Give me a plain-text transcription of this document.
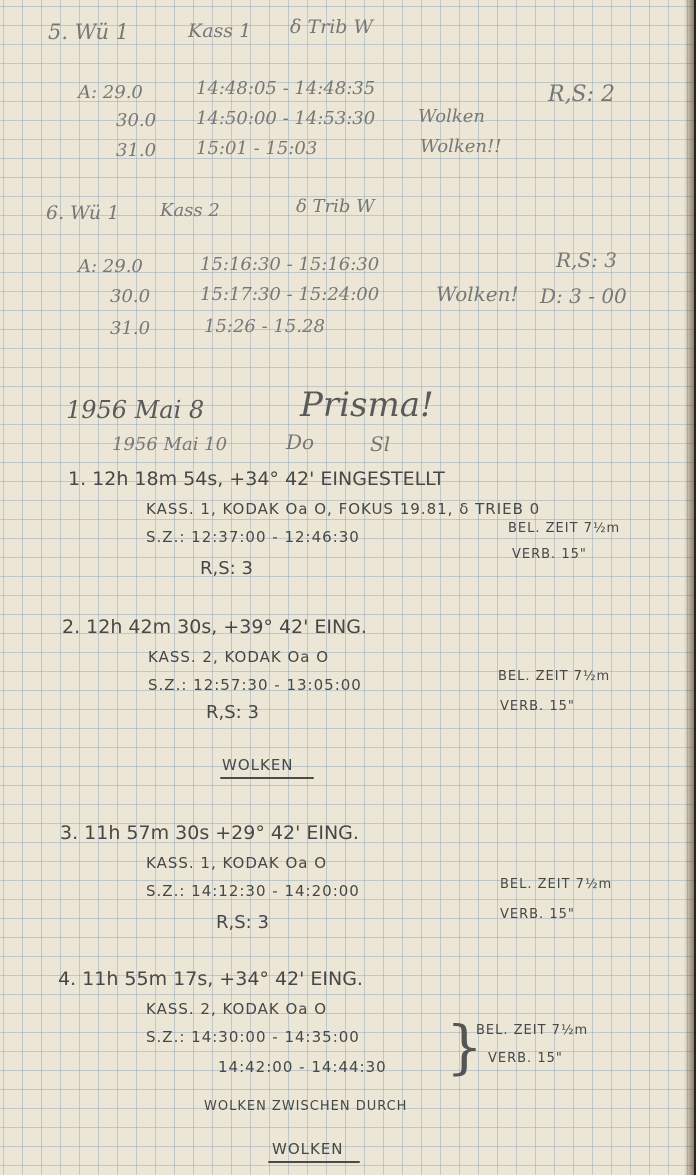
5. Wü 1	Kass 1 δ Trib W
A: 29.0	14:48:05 - 14:48:35	R,S: 2
30.0 14:50:00 - 14:53:30 Wolken
31.0 15:01 - 15:03	Wolken!!
6. Wü 1 Kass 2	δ Trib W
A: 29.0	15:16:30 - 15:16:30	R,S: 3
30.0	15:17:30 - 15:24:00	Wolken! D: 3 - 00
31.0	15:26 - 15.28
1956 Mai 8	Prisma!
1956 Mai 10	Do	Sl
1. 12h 18m 54s, +34° 42' EINGESTELLT
KASS. 1, KODAK Oa O, FOKUS 19.81, δ TRIEB 0
S.Z.: 12:37:00 - 12:46:30	BEL. ZEIT 7½m
VERB. 15"
R,S: 3
2. 12h 42m 30s, +39° 42' EING.
KASS. 2, KODAK Oa O
S.Z.: 12:57:30 - 13:05:00	BEL. ZEIT 7½m
VERB. 15"
R,S: 3
WOLKEN
3. 11h 57m 30s +29° 42' EING.
KASS. 1, KODAK Oa O
S.Z.: 14:12:30 - 14:20:00	BEL. ZEIT 7½m
VERB. 15"
R,S: 3
4. 11h 55m 17s, +34° 42' EING.
KASS. 2, KODAK Oa O
S.Z.: 14:30:00 - 14:35:00
14:42:00 - 14:44:30 }
BEL. ZEIT 7½m
VERB. 15"
WOLKEN ZWISCHEN DURCH
WOLKEN
